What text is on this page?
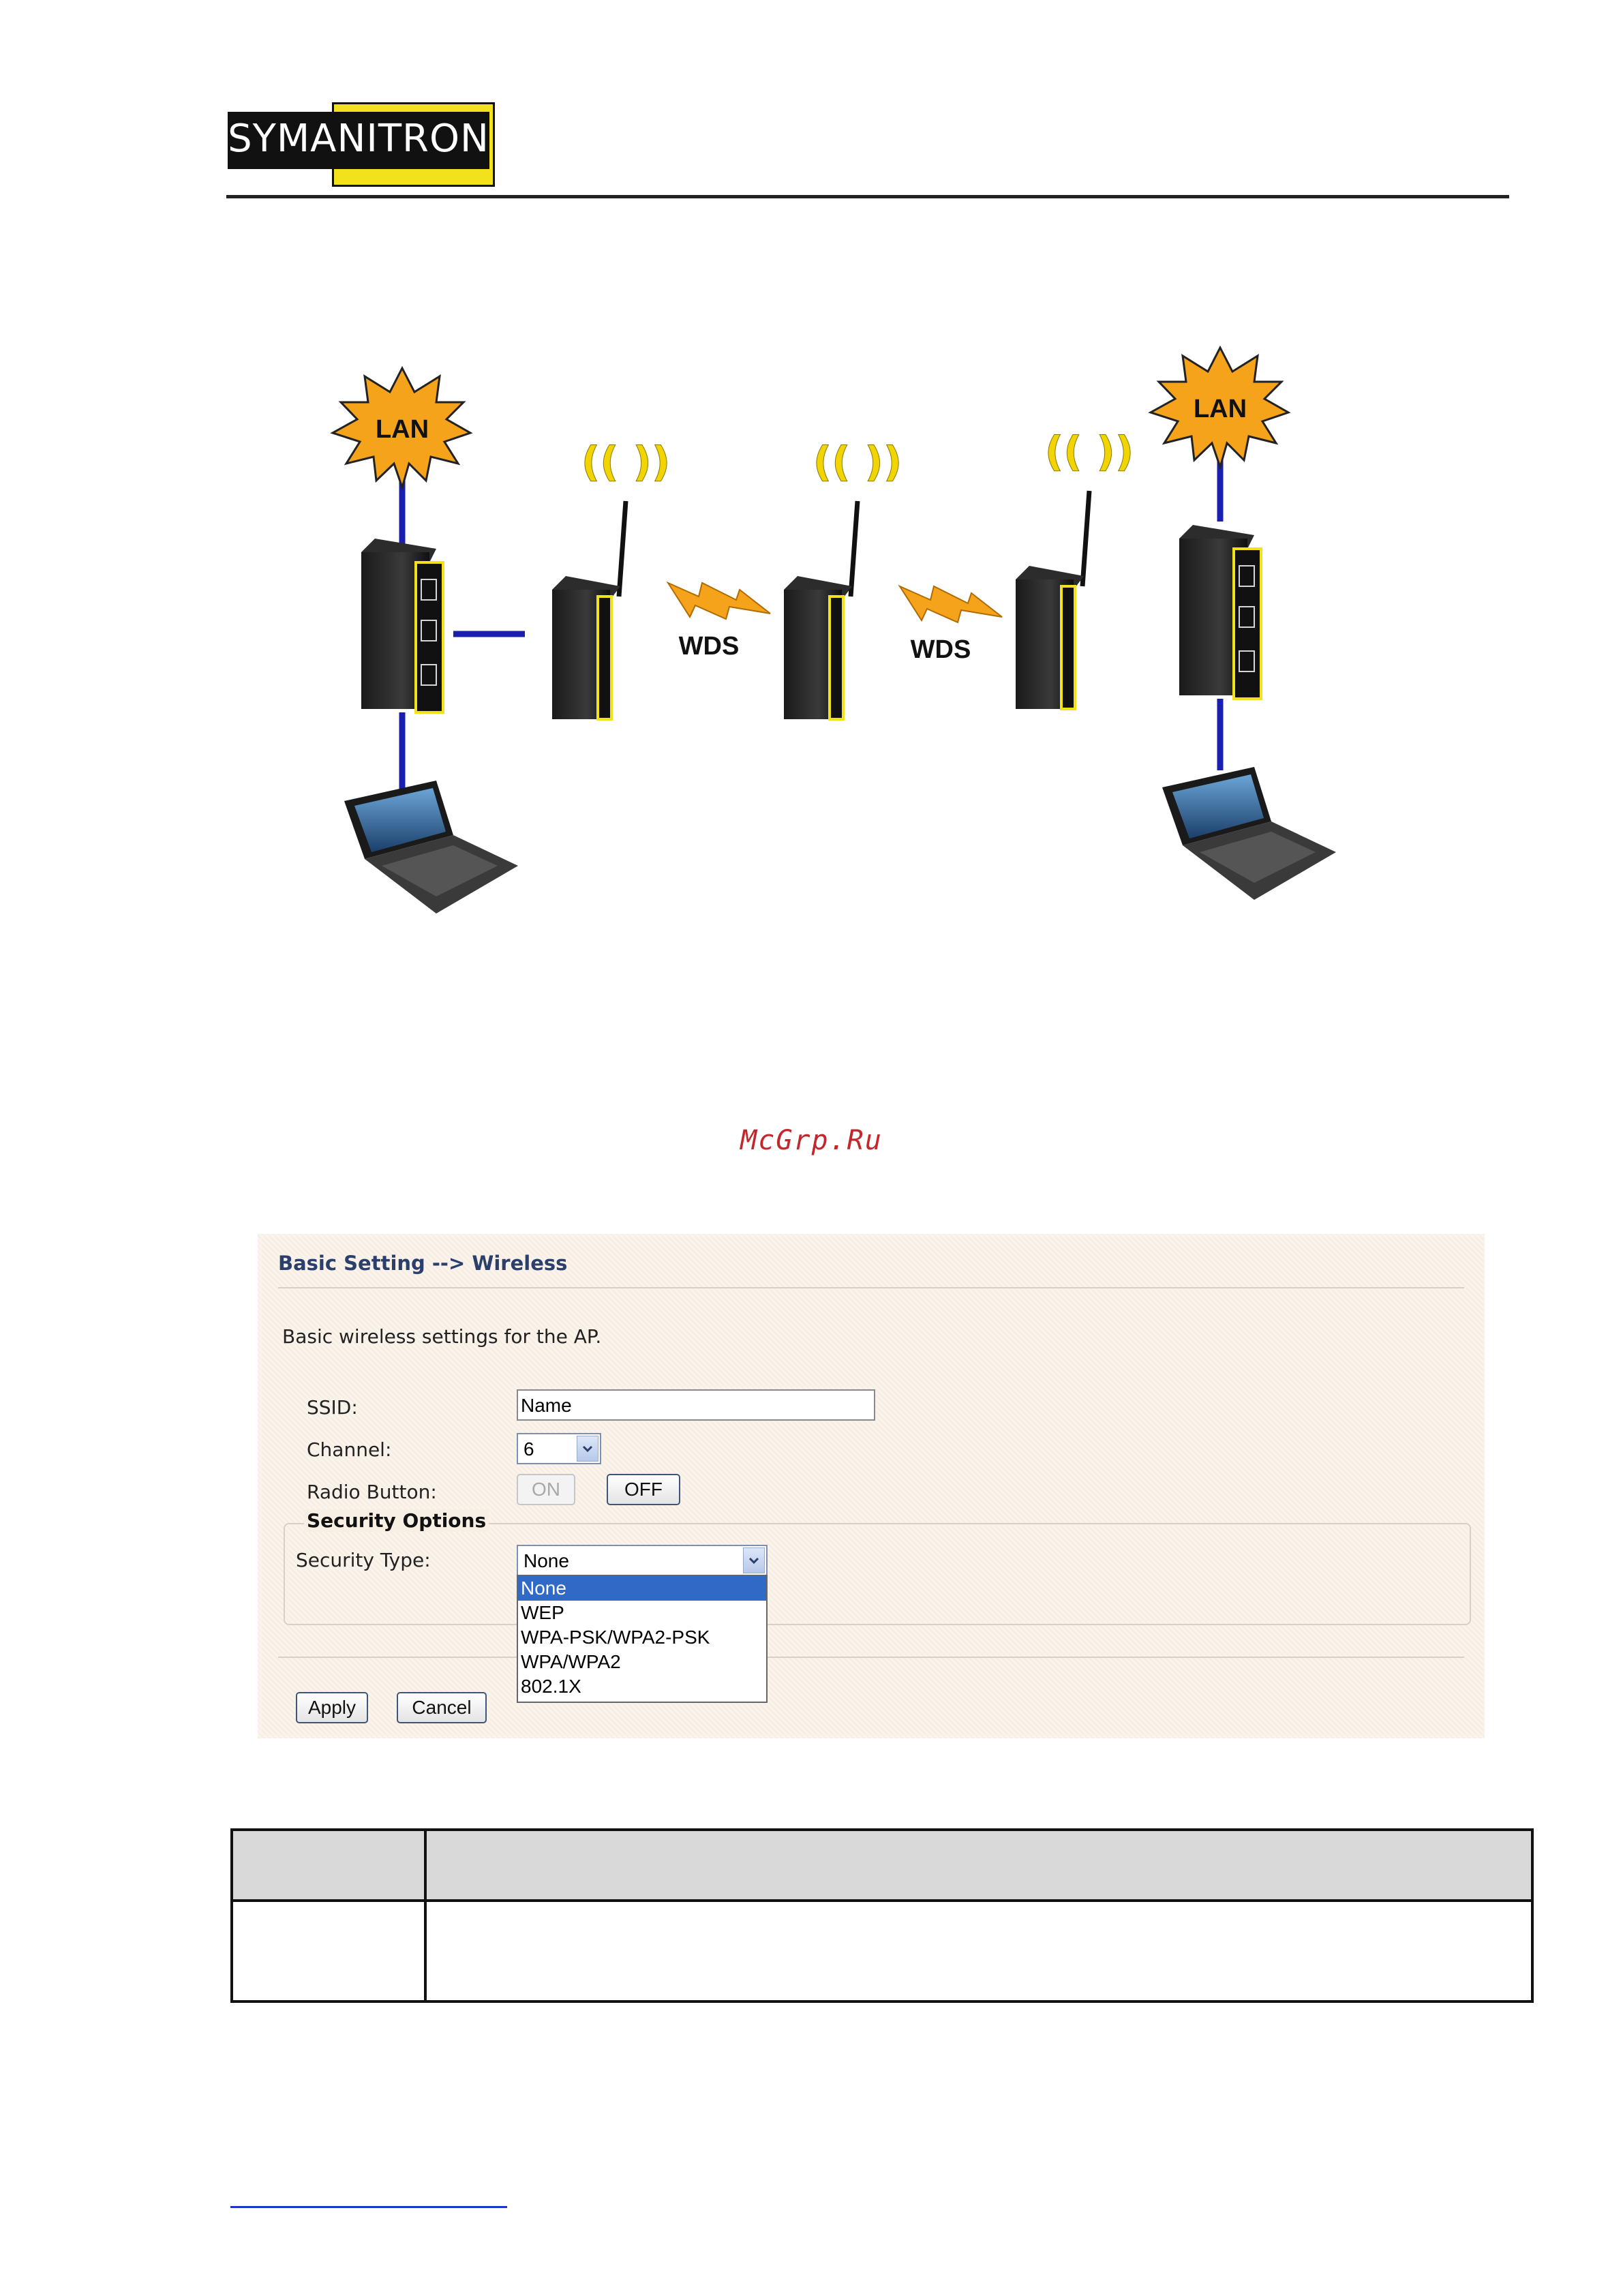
SYMANITRON
LAN
LAN
(( ))	(( ))	(( ))
WDS	WDS
McGrp.Ru
Basic Setting --> Wireless
Basic wireless settings for the AP.
SSID:	Name
Channel:	6
Radio Button:	ON	OFF
Security Options
Security Type:	None
None
WEP
WPA-PSK/WPA2-PSK
WPA/WPA2
802.1X
Apply	Cancel
